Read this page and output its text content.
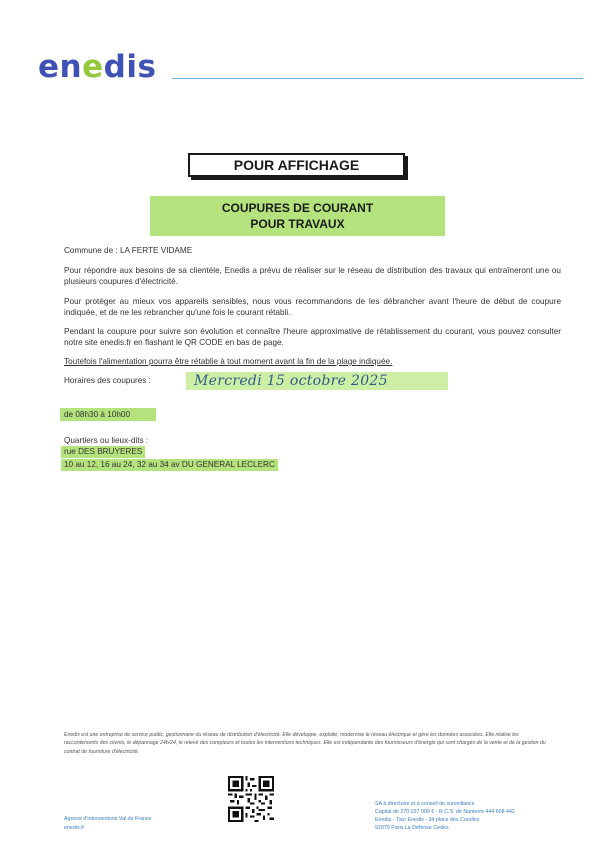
enedis
POUR AFFICHAGE
COUPURES DE COURANT
POUR TRAVAUX
Commune de : LA FERTE VIDAME
Pour répondre aux besoins de sa clientèle, Enedis a prévu de réaliser sur le réseau de distribution des travaux qui entraîneront une ou plusieurs coupures d'électricité.
Pour protéger au mieux vos appareils sensibles, nous vous recommandons de les débrancher avant l'heure de début de coupure indiquée, et de ne les rebrancher qu'une fois le courant rétabli.
Pendant la coupure pour suivre son évolution et connaître l'heure approximative de rétablissement du courant, vous pouvez consulter notre site enedis.fr en flashant le QR CODE en bas de page.
Toutefois l'alimentation pourra être rétablie à tout moment avant la fin de la plage indiquée.
Horaires des coupures :	Mercredi 15 octobre 2025
de 08h30 à 10h00
Quartiers ou lieux-dits :
rue DES BRUYERES
10 au 12, 16 au 24, 32 au 34 av DU GENERAL LECLERC
Enedis est une entreprise de service public, gestionnaire du réseau de distribution d'électricité. Elle développe, exploite, modernise le réseau électrique et gère les données associées. Elle réalise les raccordements des clients, le dépannage 24h/24, le relevé des compteurs et toutes les interventions techniques. Elle est indépendante des fournisseurs d'énergie qui sont chargés de la vente et de la gestion du contrat de fourniture d'électricité.
Agence d'interventions Val de France
enedis.fr
SA à directoire et à conseil de surveillance
Capital de 270 037 000 € - R.C.S. de Nanterre 444 608 442
Enedis - Tour Enedis - 34 place des Corolles
92079 Paris La Défense Cedex
